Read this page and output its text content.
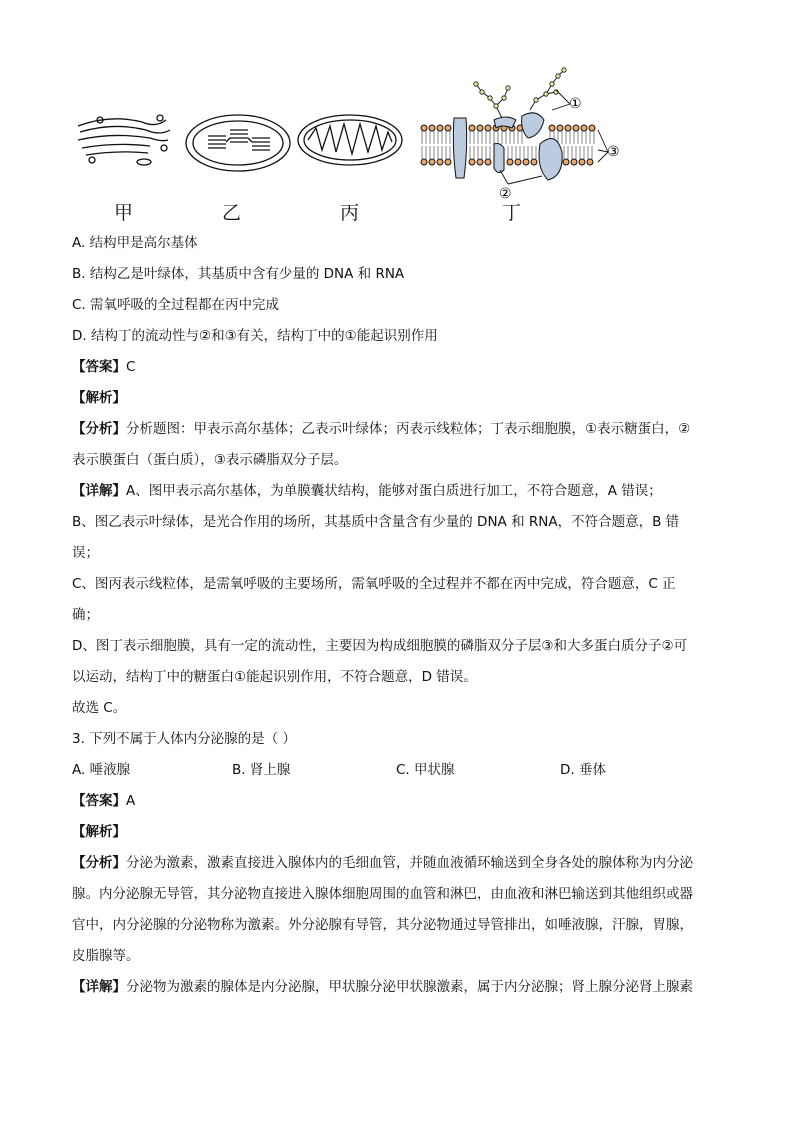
①
③
②
甲	乙	丙	丁
A. 结构甲是高尔基体
B. 结构乙是叶绿体，其基质中含有少量的 DNA 和 RNA
C. 需氧呼吸的全过程都在丙中完成
D. 结构丁的流动性与②和③有关，结构丁中的①能起识别作用
【答案】C
【解析】
【分析】分析题图：甲表示高尔基体；乙表示叶绿体；丙表示线粒体；丁表示细胞膜，①表示糖蛋白，②
表示膜蛋白（蛋白质），③表示磷脂双分子层。
【详解】A、图甲表示高尔基体，为单膜囊状结构，能够对蛋白质进行加工，不符合题意，A 错误；
B、图乙表示叶绿体，是光合作用的场所，其基质中含量含有少量的 DNA 和 RNA，不符合题意，B 错
误；
C、图丙表示线粒体，是需氧呼吸的主要场所，需氧呼吸的全过程并不都在丙中完成，符合题意，C 正
确；
D、图丁表示细胞膜，具有一定的流动性，主要因为构成细胞膜的磷脂双分子层③和大多蛋白质分子②可
以运动，结构丁中的糖蛋白①能起识别作用，不符合题意，D 错误。
故选 C。
3. 下列不属于人体内分泌腺的是（ ）
A. 唾液腺	B. 肾上腺	C. 甲状腺	D. 垂体
【答案】A
【解析】
【分析】分泌为激素，激素直接进入腺体内的毛细血管，并随血液循环输送到全身各处的腺体称为内分泌
腺。内分泌腺无导管，其分泌物直接进入腺体细胞周围的血管和淋巴，由血液和淋巴输送到其他组织或器
官中，内分泌腺的分泌物称为激素。外分泌腺有导管，其分泌物通过导管排出，如唾液腺，汗腺，胃腺，
皮脂腺等。
【详解】分泌物为激素的腺体是内分泌腺，甲状腺分泌甲状腺激素，属于内分泌腺；肾上腺分泌肾上腺素
